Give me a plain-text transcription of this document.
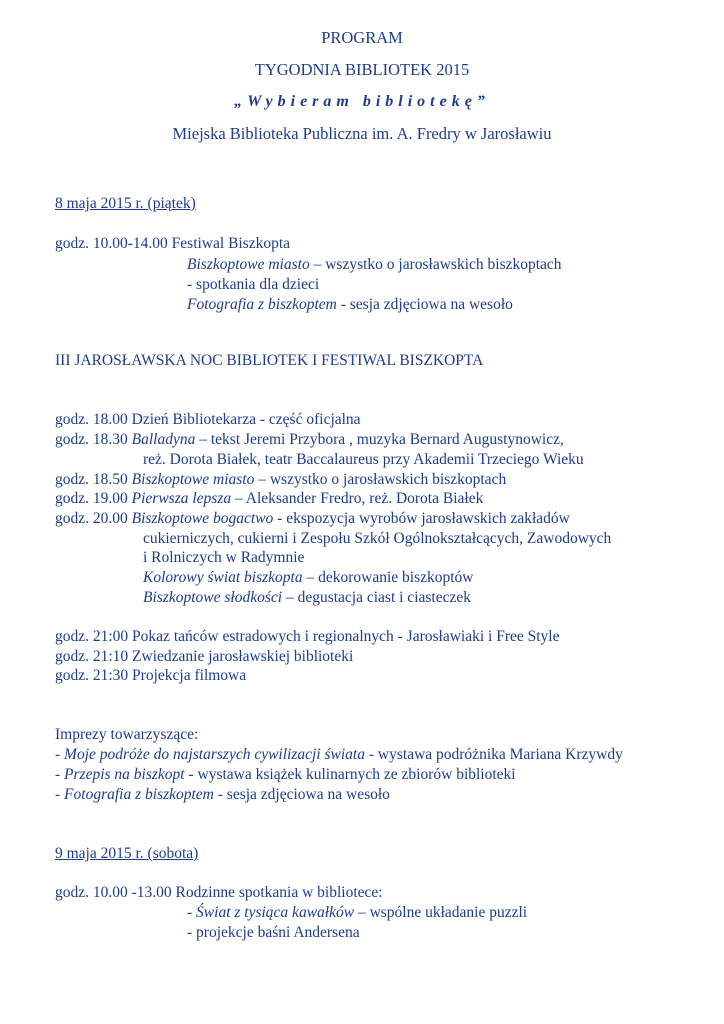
PROGRAM
TYGODNIA BIBLIOTEK 2015
„Wybieram bibliotekę”
Miejska Biblioteka Publiczna im. A. Fredry w Jarosławiu
8 maja 2015 r. (piątek)
godz. 10.00-14.00 Festiwal Biszkopta
Biszkoptowe miasto – wszystko o jarosławskich biszkoptach
- spotkania dla dzieci
Fotografia z biszkoptem - sesja zdjęciowa na wesoło
III JAROSŁAWSKA NOC BIBLIOTEK I FESTIWAL BISZKOPTA
godz. 18.00 Dzień Bibliotekarza - część oficjalna
godz. 18.30 Balladyna – tekst Jeremi Przybora , muzyka Bernard Augustynowicz,
reż. Dorota Białek, teatr Baccalaureus przy Akademii Trzeciego Wieku
godz. 18.50 Biszkoptowe miasto – wszystko o jarosławskich biszkoptach
godz. 19.00 Pierwsza lepsza – Aleksander Fredro, reż. Dorota Białek
godz. 20.00 Biszkoptowe bogactwo - ekspozycja wyrobów jarosławskich zakładów
cukierniczych, cukierni i Zespołu Szkół Ogólnokształcących, Zawodowych
i Rolniczych w Radymnie
Kolorowy świat biszkopta – dekorowanie biszkoptów
Biszkoptowe słodkości – degustacja ciast i ciasteczek
godz. 21:00 Pokaz tańców estradowych i regionalnych - Jarosławiaki i Free Style
godz. 21:10 Zwiedzanie jarosławskiej biblioteki
godz. 21:30 Projekcja filmowa
Imprezy towarzyszące:
- Moje podróże do najstarszych cywilizacji świata - wystawa podróżnika Mariana Krzywdy
- Przepis na biszkopt - wystawa książek kulinarnych ze zbiorów biblioteki
- Fotografia z biszkoptem - sesja zdjęciowa na wesoło
9 maja 2015 r. (sobota)
godz. 10.00 -13.00 Rodzinne spotkania w bibliotece:
- Świat z tysiąca kawałków – wspólne układanie puzzli
- projekcje baśni Andersena
